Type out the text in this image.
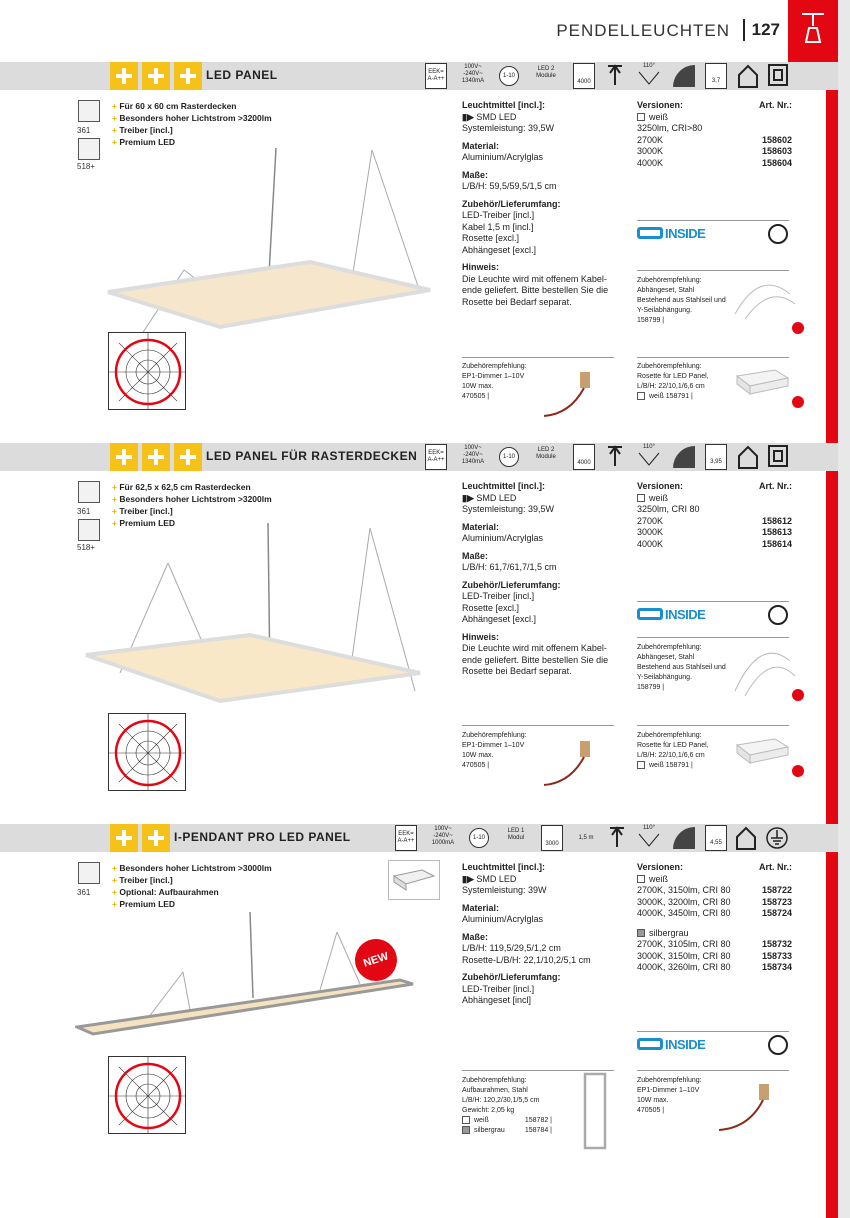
PENDELLEUCHTEN 127
LED PANEL	EEK= A-A++
100V~ -240V~ 1340mA
1-10
LED 2 Module
4000
110°
3,7
361
518+
+ Für 60 x 60 cm Rasterdecken
+ Besonders hoher Lichtstrom >3200lm
+ Treiber [incl.]
+ Premium LED
Leuchtmittel [incl.]:
▮▶ SMD LED
Systemleistung: 39,5W
Material:
Aluminium/Acrylglas
Maße:
L/B/H: 59,5/59,5/1,5 cm
Zubehör/Lieferumfang:
LED-Treiber [incl.]
Kabel 1,5 m [incl.]
Rosette [excl.]
Abhängeset [excl.]
Hinweis:
Die Leuchte wird mit offenem Kabel-
ende geliefert. Bitte bestellen Sie die
Rosette bei Bedarf separat.
Versionen:	Art. Nr.:
weiß
3250lm, CRI>80
2700K	158602
3000K	158603
4000K	158604
INSIDE
Zubehörempfehlung:
Abhängeset, Stahl
Bestehend aus Stahlseil und
Y-Seilabhängung.
158799 |
Zubehörempfehlung:
EP1-Dimmer 1–10V
10W max.
470505 |
Zubehörempfehlung:
Rosette für LED Panel,
L/B/H: 22/10,1/6,6 cm
weiß 158791 |
LED PANEL FÜR RASTERDECKEN	EEK= A-A++
100V~ -240V~ 1340mA
1-10
LED 2 Module
4000
110°
3,95
361
518+
+ Für 62,5 x 62,5 cm Rasterdecken
+ Besonders hoher Lichtstrom >3200lm
+ Treiber [incl.]
+ Premium LED
Leuchtmittel [incl.]:
▮▶ SMD LED
Systemleistung: 39,5W
Material:
Aluminium/Acrylglas
Maße:
L/B/H: 61,7/61,7/1,5 cm
Zubehör/Lieferumfang:
LED-Treiber [incl.]
Rosette [excl.]
Abhängeset [excl.]
Hinweis:
Die Leuchte wird mit offenem Kabel-
ende geliefert. Bitte bestellen Sie die
Rosette bei Bedarf separat.
Versionen:	Art. Nr.:
weiß
3250lm, CRI 80
2700K	158612
3000K	158613
4000K	158614
INSIDE
Zubehörempfehlung:
Abhängeset, Stahl
Bestehend aus Stahlseil und
Y-Seilabhängung.
158799 |
Zubehörempfehlung:
EP1-Dimmer 1–10V
10W max.
470505 |
Zubehörempfehlung:
Rosette für LED Panel,
L/B/H: 22/10,1/6,6 cm
weiß 158791 |
I-PENDANT PRO LED PANEL	EEK= A-A++
100V~ -240V~ 1000mA
1-10
LED 1 Modul
3000
1,5 m
110°
4,55
361
+ Besonders hoher Lichtstrom >3000lm
+ Treiber [incl.]
+ Optional: Aufbaurahmen
+ Premium LED
NEW
Leuchtmittel [incl.]:
▮▶ SMD LED
Systemleistung: 39W
Material:
Aluminium/Acrylglas
Maße:
L/B/H: 119,5/29,5/1,2 cm
Rosette-L/B/H: 22,1/10,2/5,1 cm
Zubehör/Lieferumfang:
LED-Treiber [incl.]
Abhängeset [incl]
Versionen:	Art. Nr.:
weiß
2700K, 3150lm, CRI 80	158722
3000K, 3200lm, CRI 80	158723
4000K, 3450lm, CRI 80	158724
silbergrau
2700K, 3105lm, CRI 80	158732
3000K, 3150lm, CRI 80	158733
4000K, 3260lm, CRI 80	158734
INSIDE
Zubehörempfehlung:
Aufbaurahmen, Stahl
L/B/H: 120,2/30,1/5,5 cm
Gewicht: 2,05 kg
weiß	158782 |
silbergrau	158784 |
Zubehörempfehlung:
EP1-Dimmer 1–10V
10W max.
470505 |
